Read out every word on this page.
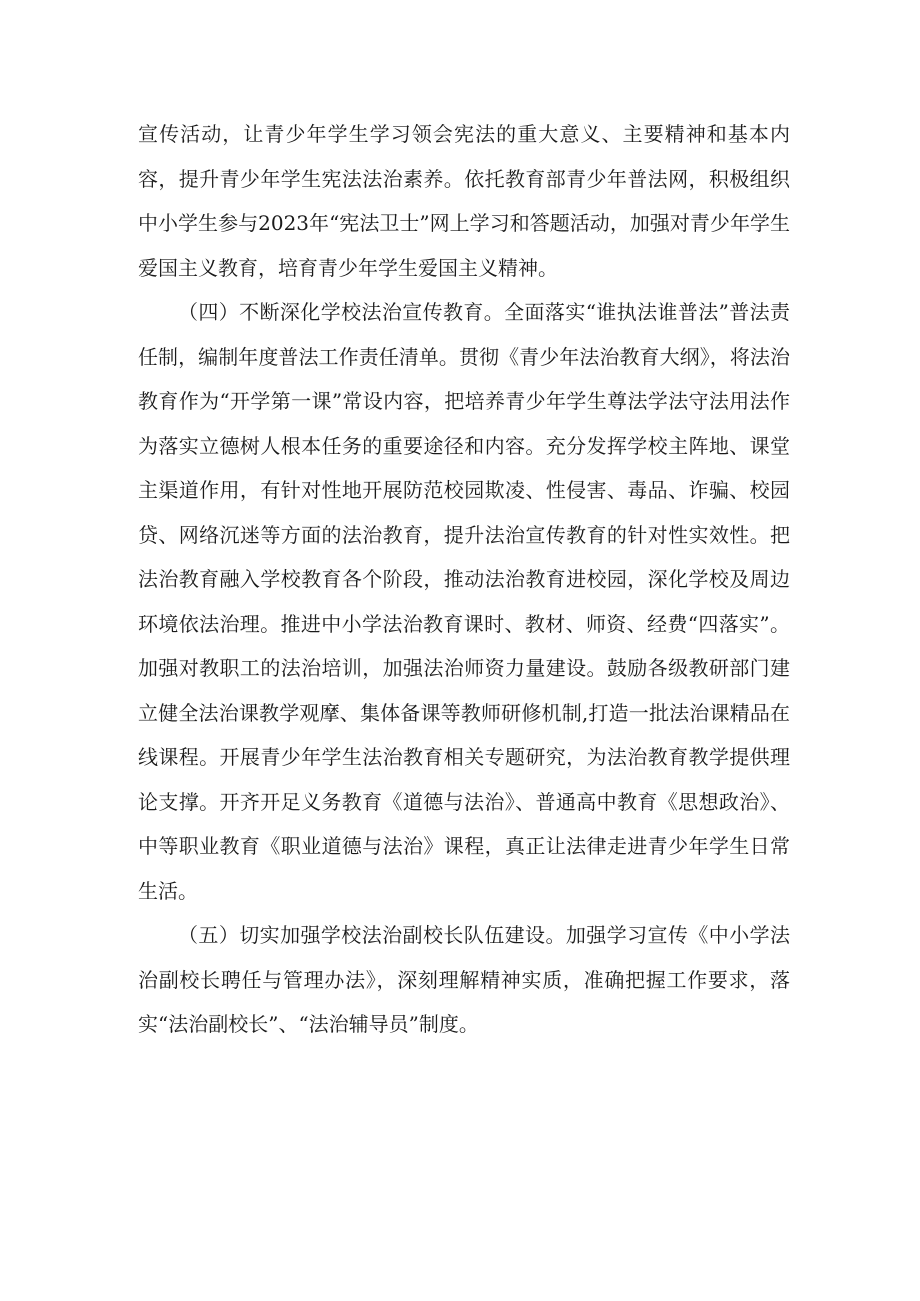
宣传活动，让青少年学生学习领会宪法的重大意义、主要精神和基本内容，提升青少年学生宪法法治素养。依托教育部青少年普法网，积极组织中小学生参与2023年“宪法卫士”网上学习和答题活动，加强对青少年学生爱国主义教育，培育青少年学生爱国主义精神。

（四）不断深化学校法治宣传教育。全面落实“谁执法谁普法”普法责任制，编制年度普法工作责任清单。贯彻《青少年法治教育大纲》，将法治教育作为“开学第一课”常设内容，把培养青少年学生尊法学法守法用法作为落实立德树人根本任务的重要途径和内容。充分发挥学校主阵地、课堂主渠道作用，有针对性地开展防范校园欺凌、性侵害、毒品、诈骗、校园贷、网络沉迷等方面的法治教育，提升法治宣传教育的针对性实效性。把法治教育融入学校教育各个阶段，推动法治教育进校园，深化学校及周边环境依法治理。推进中小学法治教育课时、教材、师资、经费“四落实”。加强对教职工的法治培训，加强法治师资力量建设。鼓励各级教研部门建立健全法治课教学观摩、集体备课等教师研修机制,打造一批法治课精品在线课程。开展青少年学生法治教育相关专题研究，为法治教育教学提供理论支撑。开齐开足义务教育《道德与法治》、普通高中教育《思想政治》、中等职业教育《职业道德与法治》课程，真正让法律走进青少年学生日常生活。

（五）切实加强学校法治副校长队伍建设。加强学习宣传《中小学法治副校长聘任与管理办法》，深刻理解精神实质，准确把握工作要求，落实“法治副校长”、“法治辅导员”制度。
